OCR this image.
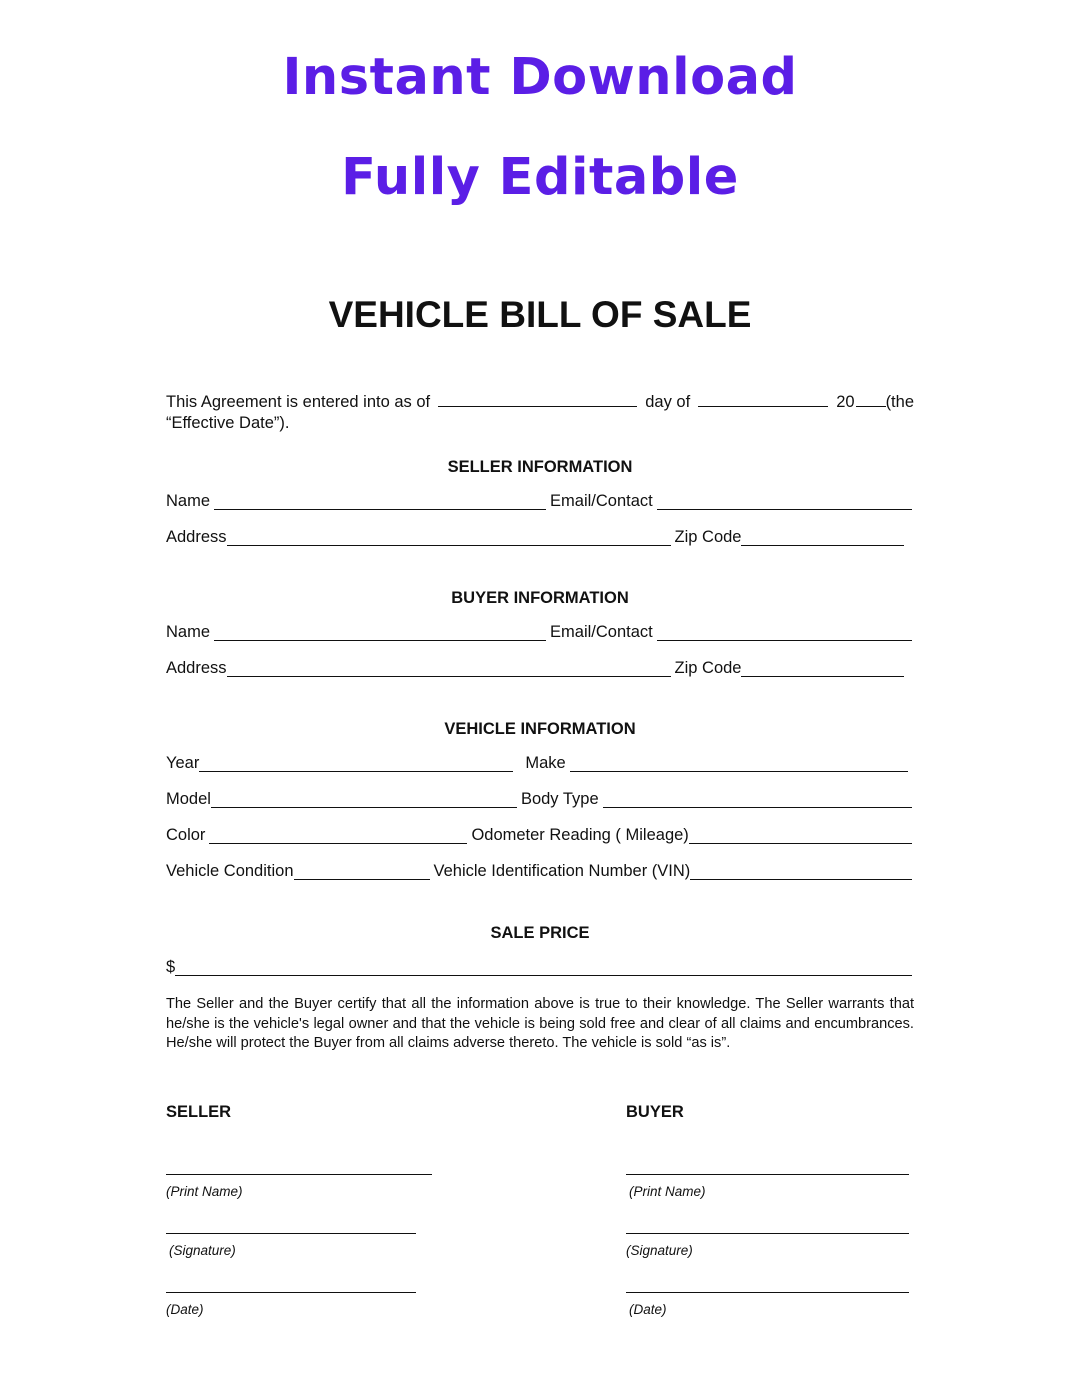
Instant Download
Fully Editable
VEHICLE BILL OF SALE
This Agreement is entered into as of	day of	20 (the
“Effective Date”).
SELLER INFORMATION
Name	Email/Contact
Address	Zip Code
BUYER INFORMATION
Name	Email/Contact
Address	Zip Code
VEHICLE INFORMATION
Year	Make
Model	Body Type
Color	Odometer Reading ( Mileage)
Vehicle Condition	Vehicle Identification Number (VIN)
SALE PRICE
$
The Seller and the Buyer certify that all the information above is true to their knowledge. The Seller warrants that he/she is the vehicle's legal owner and that the vehicle is being sold free and clear of all claims and encumbrances. He/she will protect the Buyer from all claims adverse thereto. The vehicle is sold “as is”.
SELLER
(Print Name)
(Signature)
(Date)
BUYER
(Print Name)
(Signature)
(Date)
